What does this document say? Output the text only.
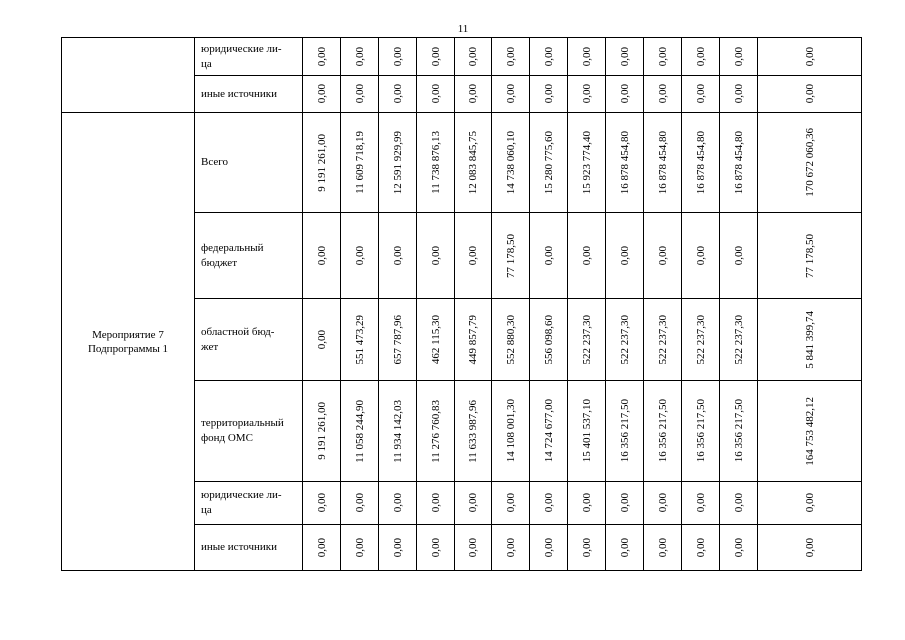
11
Мероприятие 7
Подпрограммы 1
юридические ли-
ца	0,00 0,00 0,00 0,00 0,00 0,00 0,00 0,00 0,00 0,00 0,00 0,00	0,00
иные источники	0,00 0,00 0,00 0,00 0,00 0,00 0,00 0,00 0,00 0,00 0,00 0,00	0,00
Всего	9 191 261,00 11 609 718,19 12 591 929,99 11 738 876,13 12 083 845,75 14 738 060,10 15 280 775,60 15 923 774,40 16 878 454,80 16 878 454,80 16 878 454,80 16 878 454,80	170 672 060,36
федеральный
бюджет	0,00 0,00 0,00 0,00 0,00 77 178,50 0,00 0,00 0,00 0,00 0,00 0,00	77 178,50
областной бюд-
жет	0,00 551 473,29 657 787,96 462 115,30 449 857,79 552 880,30 556 098,60 522 237,30 522 237,30 522 237,30 522 237,30 522 237,30	5 841 399,74
территориальный
фонд ОМС	9 191 261,00 11 058 244,90 11 934 142,03 11 276 760,83 11 633 987,96 14 108 001,30 14 724 677,00 15 401 537,10 16 356 217,50 16 356 217,50 16 356 217,50 16 356 217,50	164 753 482,12
юридические ли-
ца	0,00 0,00 0,00 0,00 0,00 0,00 0,00 0,00 0,00 0,00 0,00 0,00	0,00
иные источники	0,00 0,00 0,00 0,00 0,00 0,00 0,00 0,00 0,00 0,00 0,00 0,00	0,00
